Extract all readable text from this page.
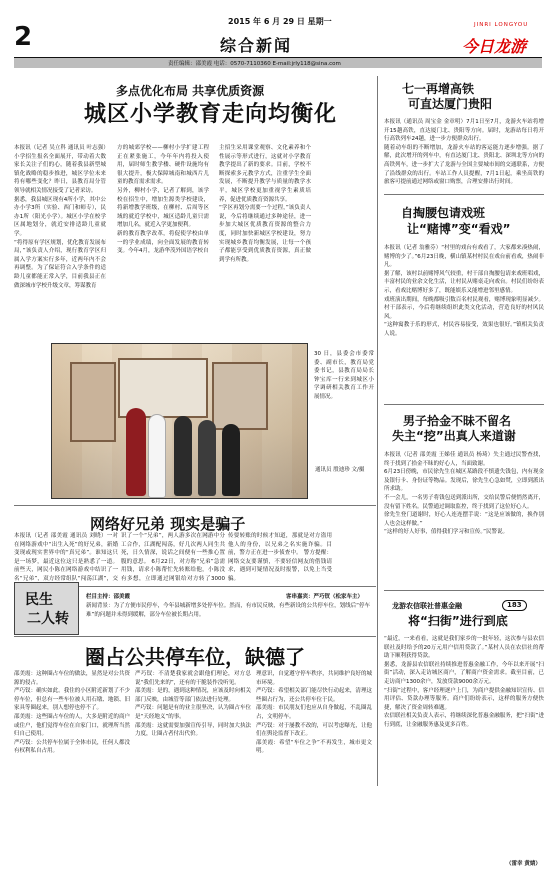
2
2015 年 6 月 29 日 星期一
综合新闻	今日龙游
JINRI LONGYOU
责任编辑：邵美霞 电话：0570-7110360 E-mail:jrly118@sina.com
多点优化布局 共享优质资源
城区小学教育走向均衡化
本报讯（记者 吴立科 通讯员 叶志强）小学招生报名全面展开，带动着大数家长关注子们的心，随着我县新型城镇化战略的稳步推进，城区学位未来将有哪些变化？昨日，县教育局分管领导就相关情况接受了记者采访。
据悉，我县城区现有4所小学，其中公办小学3所（实验、西门和师专），民办1所（阳光小学）。城区小学在校学区属地划分，就近安排适龄儿童就学。
“将得原有学区规划，优化教育发展布局，”该负责人介绍，现行教育学区归属入学方案实行多年，近两年内不会再调整。为了保证符合入学条件的适龄儿童都能正常入学，目前我县正在做深城市学校升级文章，筹谋教育
方的城郊学校——柳村小学扩建工程正在紧张施工，今年年内将投入使用，届时师生教学楼、硬件设施均有很大提升，极大保障城南和城西片儿童的教育需求需求。
另外，柳村小学，记者了解到，该学校在招生中，增加生源类学校建设，将新增教学班级，在柳村、后周等区域的就近学校中，城区适龄儿童只需增加几名，就近入学更加便利。
新的教育教学改革，将促使学校由单一的学业成绩，向全面发展的教育转变。今年4月，龙游华茂外国语学校自
主招生采用课堂观察、文化素养和个性展示等形式进行，这就对小学教育教学提出了新的要求。目前，学校不断探索多元教学方式，注重学生全面发展，不断提升教学与质量的教学水平，城区学校更加重视学生素质培养，促进优质教育资源共享。
“学区再划分需要一个过程，”该负责人说，今后将继续通过多种途径，进一步加大城区优质教育资源的整合力度，同时加快新城区学校建设，努力实现城乡教育均衡发展，让每一个孩子都能享受到优质教育资源，真正做到学有所教。
30 日，县委会市委常委、副市长，教育局党委书记，县教育局局长钟宝库一行来到城区小学调研相关教育工作开展情况。
通讯员 殷迪珍 文/摄
网络好兄弟 现实是骗子
本报讯（记者 邵美霞 通讯员 刘晓）一对在网络游戏中“出生入死”的好兄弟，新婚变现或现实世界中的“真兄弟”。谁知这只是一场梦，最近这位这只是熟悉了一道。 前些天，网民小陈在网络游戏中结识了一名“兄弟”，双方经常组队“闯荡江湖”，交
识了一个“兄弟”，两人游多次在网游中分工合作，江湖配闯荡，好几次两人同生共死，日久情深，说话之间便有一些推心置腹的意思。 6月22日，对方称“兄弟”急需用钱，请求小陈帮忙先转账给他，小陈没有多想，立即通过网银给对方转了3000
传要转账的时候才知道，那就是对方盗用他人的身份，以兄弟之名实施诈骗。目前，警方正在进一步侦查中。 警方提醒：网络交友要谨慎，不要轻信网友的借钱请求，遇到可疑情况及时报警，以免上当受骗。
民生
二人转
栏目主持：邵美霞	客串嘉宾：严巧钗（松家车主）
新闻背景：为了方便市民停车，今年县城新增多处停车位。然而，有市民反映，有些新设的公共停车位，划线后“停车难”的问题并未得到缓解，部分车位被长期占用。
圈占公共停车位，缺德了
邵美霞：这种圈占车位的做法，显然是对公共资源的侵占。
严巧钗：确实如此。我住的小区附近新划了不少停车位，但总有一些车位被人用石墩、地锁、旧家具等圈起来，别人想停也停不了。
邵美霞：这些圈占车位的人，大多是附近的商户或住户，他们觉得车位在自家门口，就理所当然归自己使用。
严巧钗：公共停车位属于全体市民，任何人都没有权利私自占用。
严巧钗：不清楚我家就会跟他们理论，对方总说“我们先来的”，还有的干脆装作没听见。
邵美霞：是的，遇到这种情况，应该及时向相关部门反映，由城管等部门依法进行处理。
严巧钗：问题是有的业主很坚决，认为圈占车位是“天经地义”的事。
邵美霞：这就需要加强宣传引导，同时加大执法力度，让圈占者付出代价。
理意识，自觉遵守停车秩序，共同维护良好的城市环境。
严巧钗：希望相关部门能尽快行动起来，清理这些圈占行为，还公共停车位于民。
邵美霞：市民朋友们也应从自身做起，不乱圈乱占，文明停车。
严巧钗：对于屡教不改的，可以考虑曝光，让他们在舆论监督下改正。
邵美霞：希望“车位之争”不再发生，城市更文明。
七一再增高铁
可直达厦门贵阳
本报讯（通讯员 周宝金 金章明）7月1日至7月，龙游火车站将增开15趟高铁，直达厦门北、贵阳等方向。届时，龙游站每日将开行高铁列车24趟，进一步方便群众出行。
随着动车组的不断增加，龙游火车站的客运能力逐步增强。据了解，此次增开的列车中，有直达厦门北、贵阳北、深圳北等方向的高铁列车，进一步扩大了龙游与全国主要城市间的交通联系，方便了沿线群众的出行。车站工作人员提醒，7月1日起，乘坐高铁的旅客可提前通过网络或窗口购票，合理安排出行时间。
自掏腰包请戏班
让“赌博”变“看戏”
本报讯（记者 翁雅芬）“村里的戏台有戏看了，大家都来凑热闹，赌博的少了。”6月23日晚，横山镇某村村民在戏台前看戏，热闹非凡。
据了解，该村以前赌博风气较重，村干部自掏腰包请来戏班唱戏，丰富村民的业余文化生活，让村民从赌桌走向戏台。村民们纷纷表示，看戏比赌博好多了，既能娱乐又能增进邻里感情。
戏班演出期间，每晚都吸引数百名村民观看，赌博现象明显减少。村干部表示，今后将继续组织此类文化活动，营造良好的村风民风。
“这种寓教于乐的形式，村民容易接受，效果也很好。”镇相关负责人说。
男子拾金不昧不留名
失主“挖”出真人来道谢
本报讯（记者 邵美霞 王娣佳 通讯员 杨琦）失主通过民警查找，终于找到了拾金不昧的好心人，当面致谢。
6月23日傍晚，市民徐先生在城区某路段不慎遗失钱包，内有现金及银行卡、身份证等物品。发现后，徐先生心急如焚，立即到派出所求助。
不一会儿，一名男子将钱包送到派出所，交给民警后便悄然离开，没有留下姓名。民警通过调取监控，终于找到了这位好心人。
徐先生登门道谢时，好心人连连摆手说：“这是应该做的，换作别人也会这样做。”
“这样的好人好事，值得我们学习和宣传。”民警说。
龙游农信联社普惠金融	183
将“扫街”进行到底
“最近，一来看看，这就是我们家乡的一批年轻，这次参与县农信联社及时给予的20万元用户信用贷款了。”某村人员在农信社的帮助下顺利获得贷款。
据悉，龙游县农信联社持续推进普惠金融工作，今年以来开展“扫街”活动，深入走访城区商户，了解商户资金需求。截至目前，已走访商户1300余户，发放贷款9000余万元。
“扫街”过程中，客户经理逐户上门，为商户提供金融知识宣传、信用评估、贷款办理等服务。商户们纷纷表示，这样的服务方便快捷，解决了资金周转难题。
农信联社相关负责人表示，将继续深化普惠金融服务，把“扫街”进行到底，让金融服务惠及更多百姓。
（雷幸 黄婧）
